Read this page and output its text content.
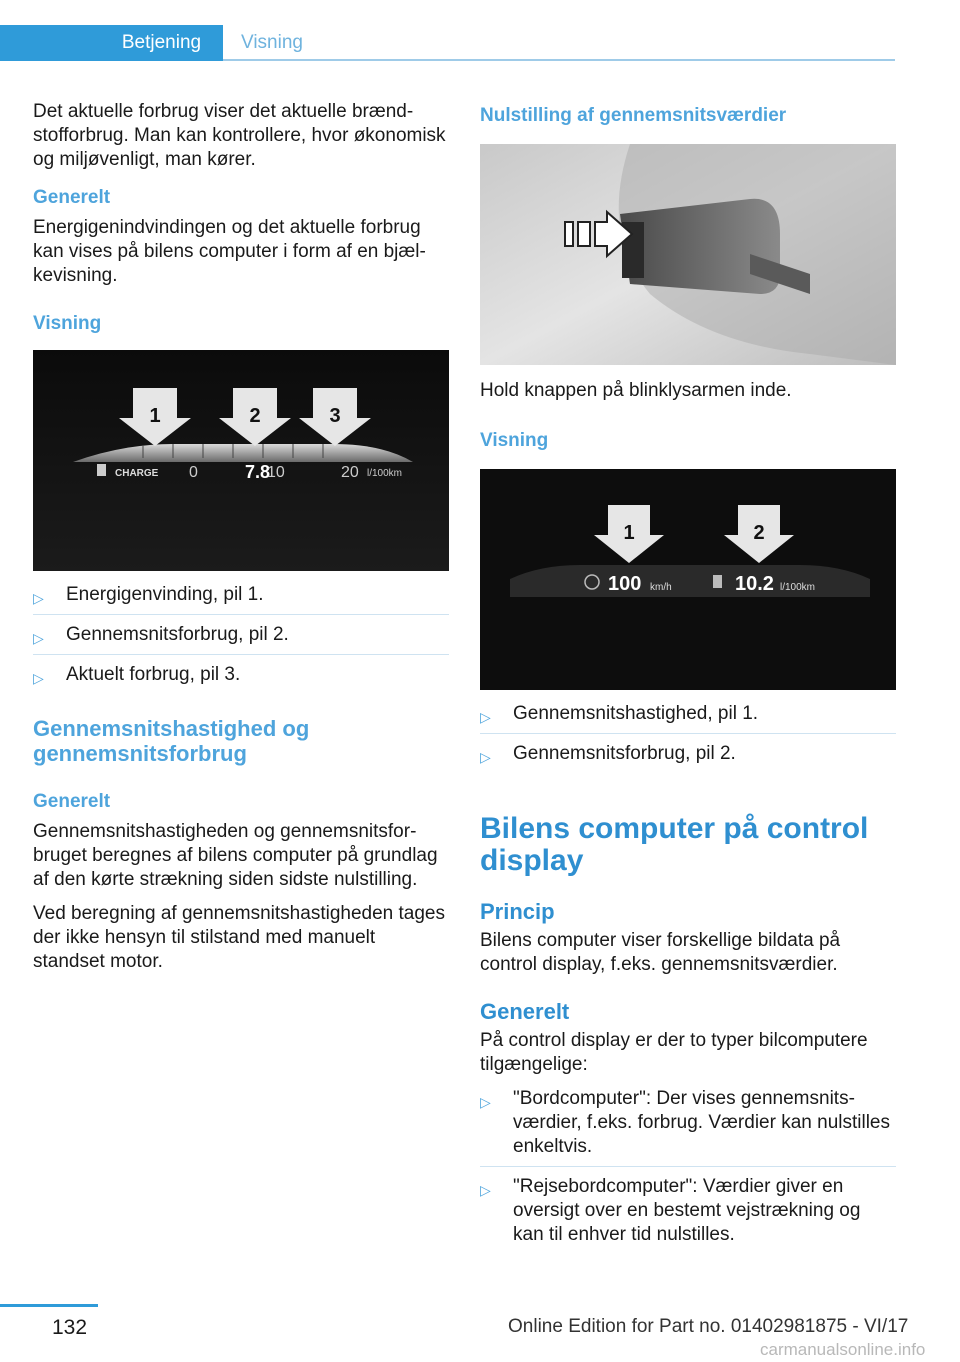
Betjening	Visning

Det aktuelle forbrug viser det aktuelle brændstofforbrug. Man kan kontrollere, hvor økonomisk og miljøvenligt, man kører.

Generelt

Energigenindvindingen og det aktuelle forbrug kan vises på bilens computer i form af en bjælkevisning.

Visning
1	2	3
CHARGE 0	7.8
10	20 l/100km
▷ Energigenvinding, pil 1.
▷ Gennemsnitsforbrug, pil 2.
▷ Aktuelt forbrug, pil 3.
Gennemsnitshastighed og gennemsnitsforbrug
Generelt

Gennemsnitshastigheden og gennemsnitsforbruget beregnes af bilens computer på grundlag af den kørte strækning siden sidste nulstilling.

Ved beregning af gennemsnitshastigheden tages der ikke hensyn til stilstand med manuelt standset motor.

Nulstilling af gennemsnitsværdier

Hold knappen på blinklysarmen inde.

Visning
1	2
100 km/h	10.2 l/100km
▷ Gennemsnitshastighed, pil 1.
▷ Gennemsnitsforbrug, pil 2.
Bilens computer på control display
Princip

Bilens computer viser forskellige bildata på control display, f.eks. gennemsnitsværdier.

Generelt

På control display er der to typer bilcomputere tilgængelige:

▷ "Bordcomputer": Der vises gennemsnitsværdier, f.eks. forbrug. Værdier kan nulstilles enkeltvis.
▷ "Rejsebordcomputer": Værdier giver en oversigt over en bestemt vejstrækning og kan til enhver tid nulstilles.
132	Online Edition for Part no. 01402981875 - VI/17
carmanualsonline.info
